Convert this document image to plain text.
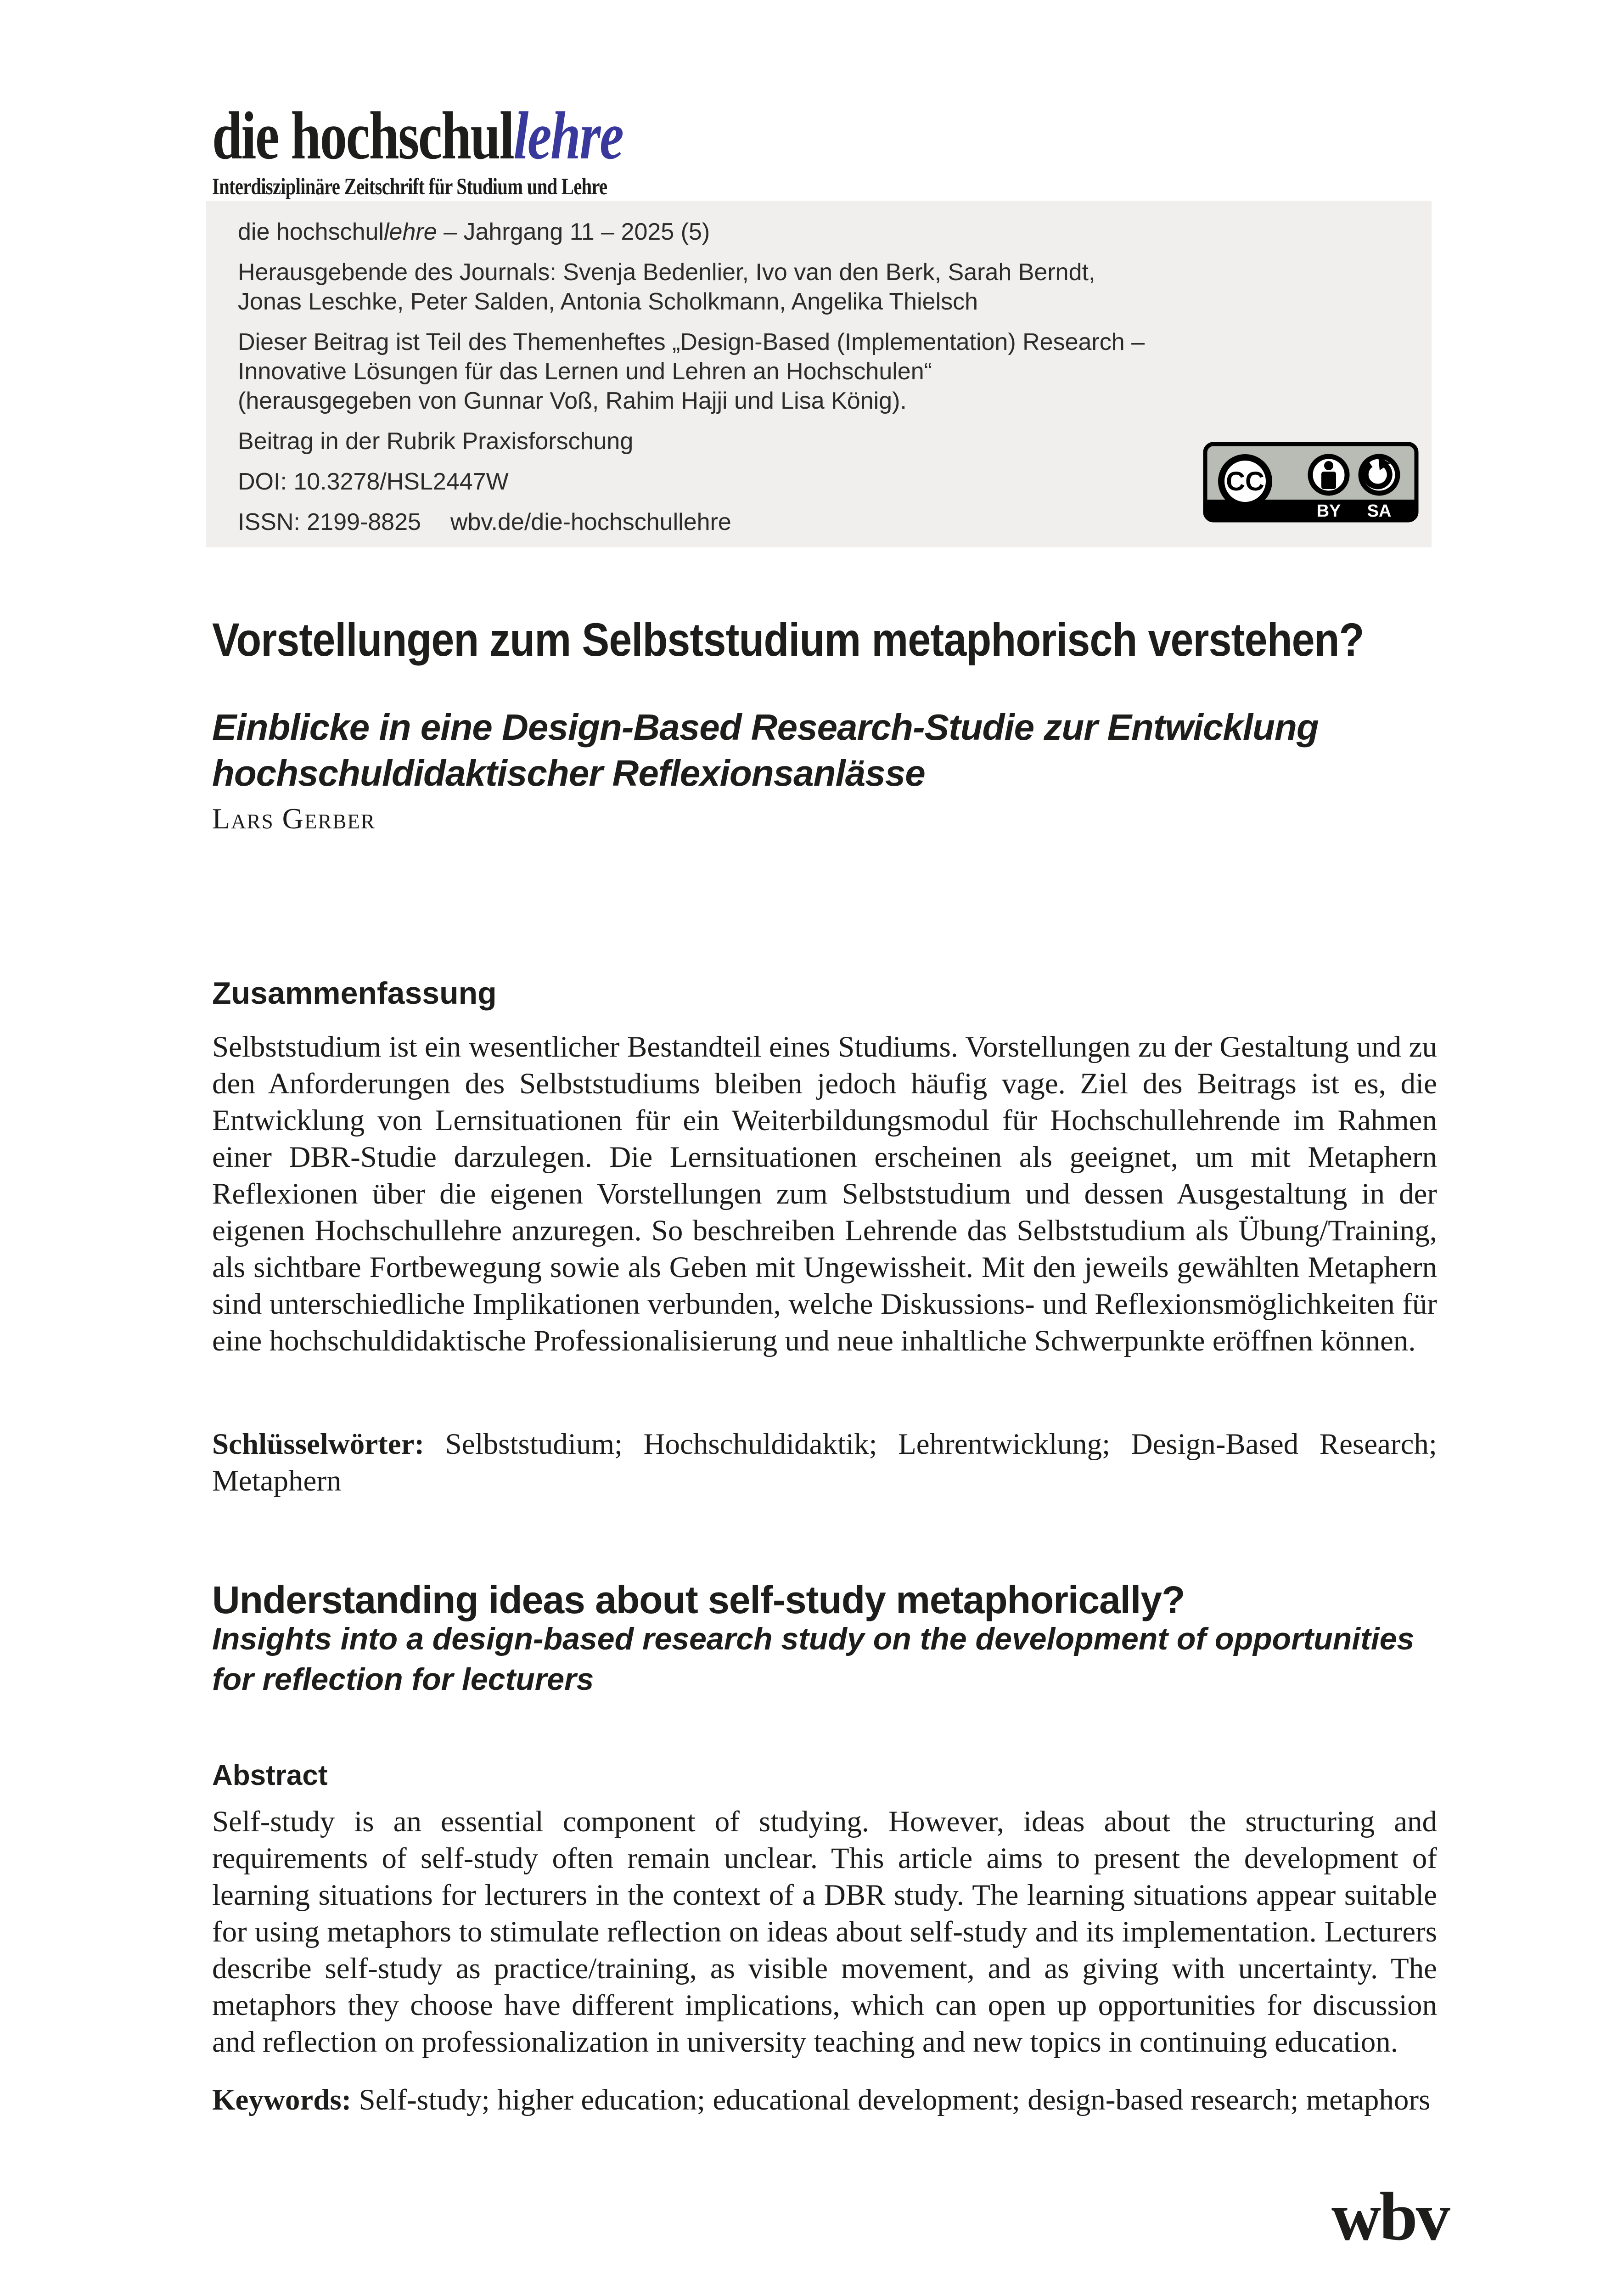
die hochschullehre
Interdisziplinäre Zeitschrift für Studium und Lehre

die hochschullehre – Jahrgang 11 – 2025 (5)

Herausgebende des Journals: Svenja Bedenlier, Ivo van den Berk, Sarah Berndt,
Jonas Leschke, Peter Salden, Antonia Scholkmann, Angelika Thielsch

Dieser Beitrag ist Teil des Themenheftes „Design-Based (Implementation) Research –
Innovative Lösungen für das Lernen und Lehren an Hochschulen“
(herausgegeben von Gunnar Voß, Rahim Hajji und Lisa König).

Beitrag in der Rubrik Praxisforschung

DOI: 10.3278/HSL2447W

ISSN: 2199-8825 wbv.de/die-hochschullehre

CC
BY SA
Vorstellungen zum Selbststudium metaphorisch verstehen?
Einblicke in eine Design-Based Research-Studie zur Entwicklung hochschuldidaktischer Reflexionsanlässe
Lars Gerber
Zusammenfassung

Selbststudium ist ein wesentlicher Bestandteil eines Studiums. Vorstellungen zu der Gestaltung und zu den Anforderungen des Selbststudiums bleiben jedoch häufig vage. Ziel des Beitrags ist es, die Entwicklung von Lernsituationen für ein Weiterbildungsmodul für Hochschullehrende im Rahmen einer DBR-Studie darzulegen. Die Lernsituationen erscheinen als geeignet, um mit Metaphern Reflexionen über die eigenen Vorstellungen zum Selbststudium und dessen Ausgestaltung in der eigenen Hochschullehre anzuregen. So beschreiben Lehrende das Selbststudium als Übung/Training, als sichtbare Fortbewegung sowie als Geben mit Ungewissheit. Mit den jeweils gewählten Metaphern sind unterschiedliche Implikationen verbunden, welche Diskussions- und Reflexionsmöglichkeiten für eine hochschuldidaktische Professionalisierung und neue inhaltliche Schwerpunkte eröffnen können.

Schlüsselwörter: Selbststudium; Hochschuldidaktik; Lehrentwicklung; Design-Based Research; Metaphern

Understanding ideas about self-study metaphorically?
Insights into a design-based research study on the development of opportunities for reflection for lecturers
Abstract

Self-study is an essential component of studying. However, ideas about the structuring and requirements of self-study often remain unclear. This article aims to present the development of learning situations for lecturers in the context of a DBR study. The learning situations appear suitable for using metaphors to stimulate reflection on ideas about self-study and its implementation. Lecturers describe self-study as practice/training, as visible movement, and as giving with uncertainty. The metaphors they choose have different implications, which can open up opportunities for discussion and reflection on professionalization in university teaching and new topics in continuing education.

Keywords: Self-study; higher education; educational development; design-based research; metaphors

wbv
